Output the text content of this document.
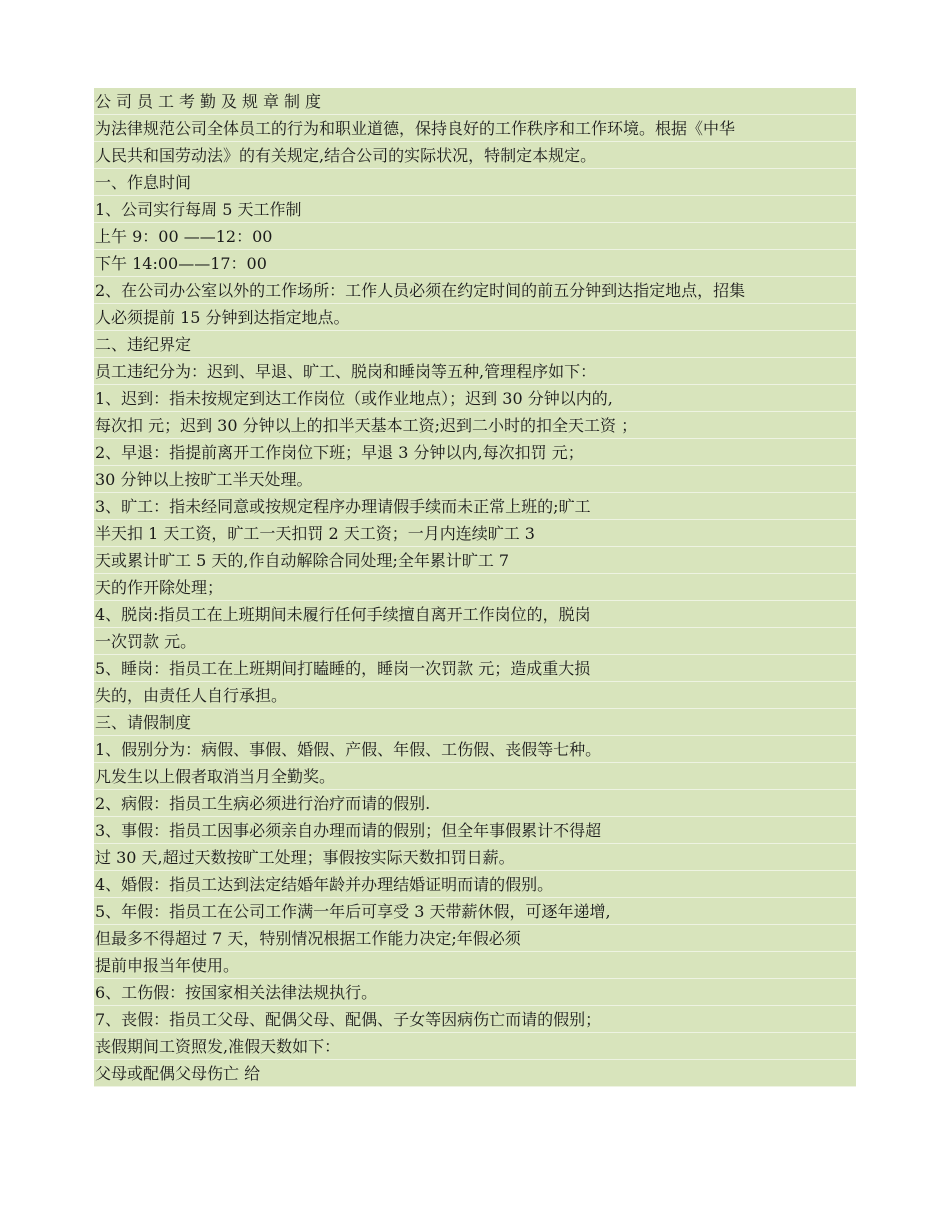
公司员工考勤及规章制度
为法律规范公司全体员工的行为和职业道德，保持良好的工作秩序和工作环境。根据《中华
人民共和国劳动法》的有关规定,结合公司的实际状况，特制定本规定。
一、作息时间
1、公司实行每周 5 天工作制
上午 9：00 ——12：00
下午 14:00——17：00
2、在公司办公室以外的工作场所：工作人员必须在约定时间的前五分钟到达指定地点，招集
人必须提前 15 分钟到达指定地点。
二、违纪界定
员工违纪分为：迟到、早退、旷工、脱岗和睡岗等五种,管理程序如下：
1、迟到：指未按规定到达工作岗位（或作业地点）；迟到 30 分钟以内的,
每次扣 元；迟到 30 分钟以上的扣半天基本工资;迟到二小时的扣全天工资 ；
2、早退：指提前离开工作岗位下班；早退 3 分钟以内,每次扣罚 元；
30 分钟以上按旷工半天处理。
3、旷工：指未经同意或按规定程序办理请假手续而未正常上班的;旷工
半天扣 1 天工资，旷工一天扣罚 2 天工资；一月内连续旷工 3
天或累计旷工 5 天的,作自动解除合同处理;全年累计旷工 7
天的作开除处理；
4、脱岗:指员工在上班期间未履行任何手续擅自离开工作岗位的，脱岗
一次罚款 元。
5、睡岗：指员工在上班期间打瞌睡的，睡岗一次罚款 元；造成重大损
失的，由责任人自行承担。
三、请假制度
1、假别分为：病假、事假、婚假、产假、年假、工伤假、丧假等七种。
凡发生以上假者取消当月全勤奖。
2、病假：指员工生病必须进行治疗而请的假别.
3、事假：指员工因事必须亲自办理而请的假别；但全年事假累计不得超
过 30 天,超过天数按旷工处理；事假按实际天数扣罚日薪。
4、婚假：指员工达到法定结婚年龄并办理结婚证明而请的假别。
5、年假：指员工在公司工作满一年后可享受 3 天带薪休假，可逐年递增,
但最多不得超过 7 天，特别情况根据工作能力决定;年假必须
提前申报当年使用。
6、工伤假：按国家相关法律法规执行。
7、丧假：指员工父母、配偶父母、配偶、子女等因病伤亡而请的假别；
丧假期间工资照发,准假天数如下：
父母或配偶父母伤亡 给
